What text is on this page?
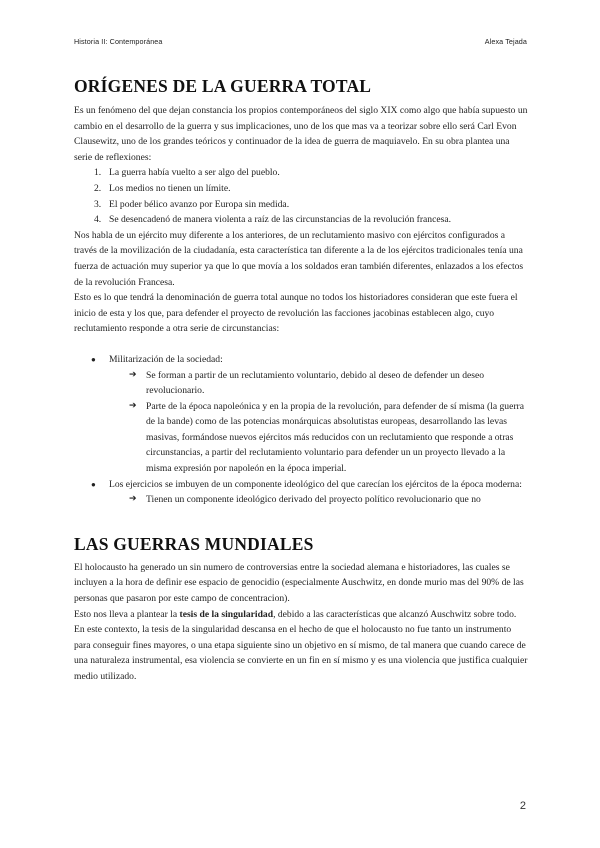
Historia II: Contemporánea	Alexa Tejada
ORÍGENES DE LA GUERRA TOTAL

Es un fenómeno del que dejan constancia los propios contemporáneos del siglo XIX como algo que había supuesto un cambio en el desarrollo de la guerra y sus implicaciones, uno de los que mas va a teorizar sobre ello será Carl Evon Clausewitz, uno de los grandes teóricos y continuador de la idea de guerra de maquiavelo. En su obra plantea una serie de reflexiones:

1. La guerra había vuelto a ser algo del pueblo.
2. Los medios no tienen un límite.
3. El poder bélico avanzo por Europa sin medida.
4. Se desencadenó de manera violenta a raíz de las circunstancias de la revolución francesa.

Nos habla de un ejército muy diferente a los anteriores, de un reclutamiento masivo con ejércitos configurados a través de la movilización de la ciudadanía, esta característica tan diferente a la de los ejércitos tradicionales tenía una fuerza de actuación muy superior ya que lo que movía a los soldados eran también diferentes, enlazados a los efectos de la revolución Francesa.

Esto es lo que tendrá la denominación de guerra total aunque no todos los historiadores consideran que este fuera el inicio de esta y los que, para defender el proyecto de revolución las facciones jacobinas establecen algo, cuyo reclutamiento responde a otra serie de circunstancias:

● Militarización de la sociedad:
➔ Se forman a partir de un reclutamiento voluntario, debido al deseo de defender un deseo revolucionario.
➔ Parte de la época napoleónica y en la propia de la revolución, para defender de sí misma (la guerra de la bande) como de las potencias monárquicas absolutistas europeas, desarrollando las levas masivas, formándose nuevos ejércitos más reducidos con un reclutamiento que responde a otras circunstancias, a partir del reclutamiento voluntario para defender un un proyecto llevado a la misma expresión por napoleón en la época imperial.
● Los ejercicios se imbuyen de un componente ideológico del que carecían los ejércitos de la época moderna:
➔ Tienen un componente ideológico derivado del proyecto político revolucionario que no
LAS GUERRAS MUNDIALES

El holocausto ha generado un sin numero de controversias entre la sociedad alemana e historiadores, las cuales se incluyen a la hora de definir ese espacio de genocidio (especialmente Auschwitz, en donde murio mas del 90% de las personas que pasaron por este campo de concentracion).

Esto nos lleva a plantear la tesis de la singularidad, debido a las características que alcanzó Auschwitz sobre todo. En este contexto, la tesis de la singularidad descansa en el hecho de que el holocausto no fue tanto un instrumento para conseguir fines mayores, o una etapa siguiente sino un objetivo en sí mismo, de tal manera que cuando carece de una naturaleza instrumental, esa violencia se convierte en un fin en sí mismo y es una violencia que justifica cualquier medio utilizado.

2
